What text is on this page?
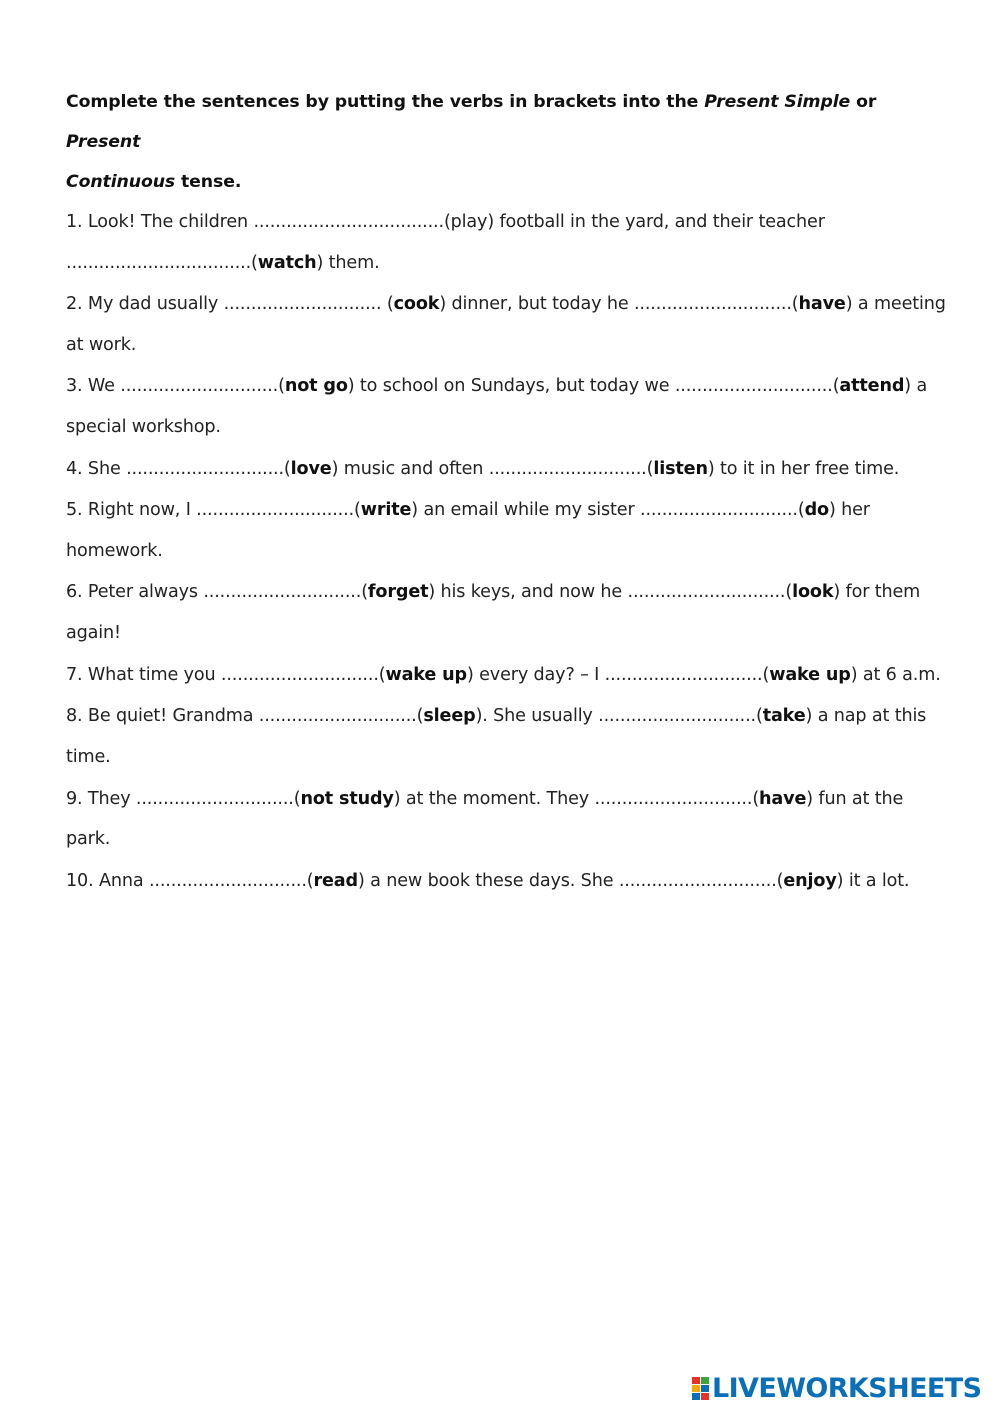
Complete the sentences by putting the verbs in brackets into the Present Simple or Present
Continuous tense.

1. Look! The children ...................................(play) football in the yard, and their teacher ..................................(watch) them.
2. My dad usually ............................. (cook) dinner, but today he .............................(have) a meeting at work.
3. We .............................(not go) to school on Sundays, but today we .............................(attend) a special workshop.
4. She .............................(love) music and often .............................(listen) to it in her free time.
5. Right now, I .............................(write) an email while my sister .............................(do) her homework.
6. Peter always .............................(forget) his keys, and now he .............................(look) for them again!
7. What time you .............................(wake up) every day? – I .............................(wake up) at 6 a.m.
8. Be quiet! Grandma .............................(sleep). She usually .............................(take) a nap at this time.
9. They .............................(not study) at the moment. They .............................(have) fun at the park.
10. Anna .............................(read) a new book these days. She .............................(enjoy) it a lot.
LIVEWORKSHEETS
